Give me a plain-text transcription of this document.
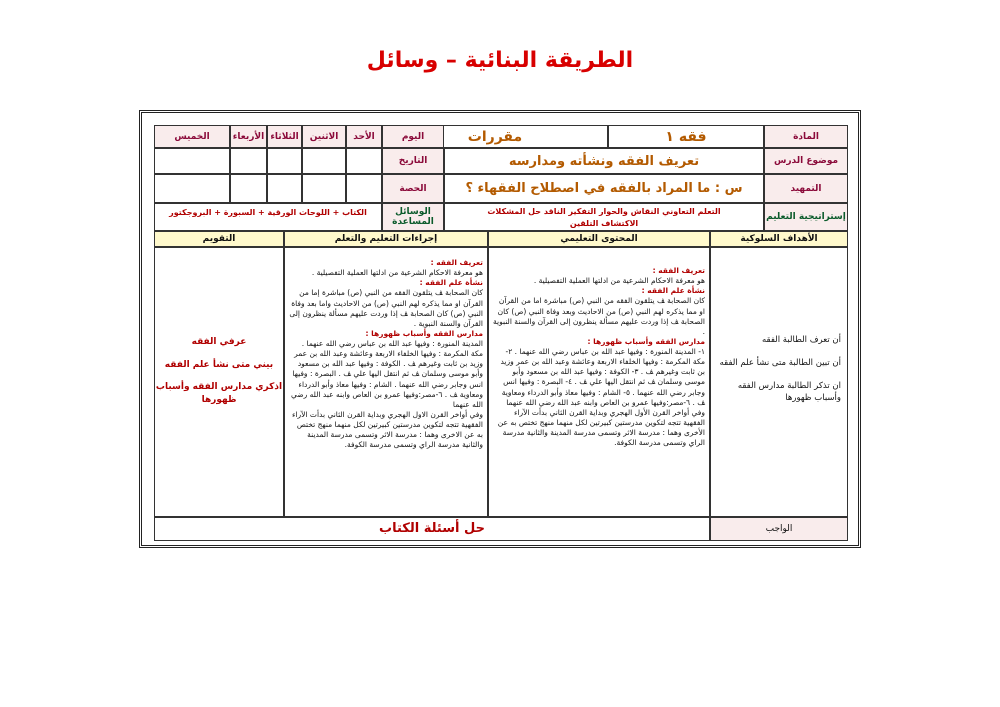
الطريقة البنائية – وسائل
المادة
فقه ١
مقررات
موضوع الدرس
تعريف الفقه ونشأته ومدارسه
التمهيد
س : ما المراد بالفقه في اصطلاح الفقهاء ؟
اليوم
التاريخ
الحصة
الأحد
الاثنين
الثلاثاء
الأربعاء
الخميس
إستراتيجية التعليم
التعلم التعاوني النقاش والحوار التفكير الناقد حل المشكلات
الاكتشاف التلقين
الوسائل المساعدة
الكتاب + اللوحات الورقية + السبورة + البروجكتور
الأهداف السلوكية
المحتوى التعليمي
إجراءات التعليم والتعلم
التقويم
أن تعرف الطالبة الفقه
أن تبين الطالبة متى نشأ علم الفقه
ان تذكر الطالبة مدارس الفقه وأسباب ظهورها
تعريف الفقه :
هو معرفة الاحكام الشرعية من ادلتها العملية التفصيلية .
نشأة علم الفقه :
كان الصحابة ﭫ يتلقون الفقه من النبي (ص) مباشرة اما من القرآن او مما يذكره لهم النبي (ص) من الاحاديث وبعد وفاة النبي (ص) كان الصحابة ﭫ إذا وردت عليهم مسألة ينظرون إلى القرآن والسنة النبوية .
مدارس الفقه وأسباب ظهورها :
١- المدينة المنورة : وفيها عبد الله بن عباس رضي الله عنهما . ٢- مكة المكرمة : وفيها الخلفاء الاربعة وعائشة وعبد الله بن عمر وزيد بن ثابت وغيرهم ﭫ . ٣- الكوفة : وفيها عبد الله بن مسعود وأبو موسى وسلمان ﭫ ثم انتقل اليها علي ﭫ . ٤- البصرة : وفيها انس وجابر رضي الله عنهما . ٥- الشام : وفيها معاذ وأبو الدرداء ومعاوية ﭫ . ٦-مصر:وفيها عمرو بن العاص وابنه عبد الله رضي الله عنهما
وفي أواخر القرن الأول الهجري وبداية القرن الثاني بدأت الآراء الفقهية تتجه لتكوين مدرستين كبيرتين لكل منهما منهج تختص به عن الأخرى وهما : مدرسة الاثر وتسمى مدرسة المدينة والثانية مدرسة الراي وتسمى مدرسة الكوفة.
تعريف الفقه :
هو معرفة الاحكام الشرعية من ادلتها العملية التفصيلية .
نشأة علم الفقه :
كان الصحابة ﭫ يتلقون الفقه من النبي (ص) مباشرة إما من القرآن او مما يذكره لهم النبي (ص) من الاحاديث واما بعد وفاة النبي (ص) كان الصحابة ﭫ إذا وردت عليهم مسألة ينظرون إلى القرآن والسنة النبوية .
مدارس الفقه وأسباب ظهورها :
المدينة المنورة : وفيها عبد الله بن عباس رضي الله عنهما . مكة المكرمة : وفيها الخلفاء الاربعة وعائشة وعبد الله بن عمر وزيد بن ثابت وغيرهم ﭫ . الكوفة : وفيها عبد الله بن مسعود وأبو موسى وسلمان ﭫ ثم انتقل اليها علي ﭫ . البصرة : وفيها انس وجابر رضي الله عنهما . الشام : وفيها معاذ وأبو الدرداء ومعاوية ﭫ . ٦-مصر:وفيها عمرو بن العاص وابنه عبد الله رضي الله عنهما
وفي أواخر القرن الاول الهجري وبداية القرن الثاني بدأت الآراء الفقهية تتجه لتكوين مدرستين كبيرتين لكل منهما منهج تختص به عن الاخرى وهما : مدرسة الاثر وتسمى مدرسة المدينة والثانية مدرسة الراي وتسمى مدرسة الكوفة.
عرفي الفقه
بيني متى نشأ علم الفقه
اذكري مدارس الفقه وأسباب ظهورها
الواجب
حل أسئلة الكتاب
